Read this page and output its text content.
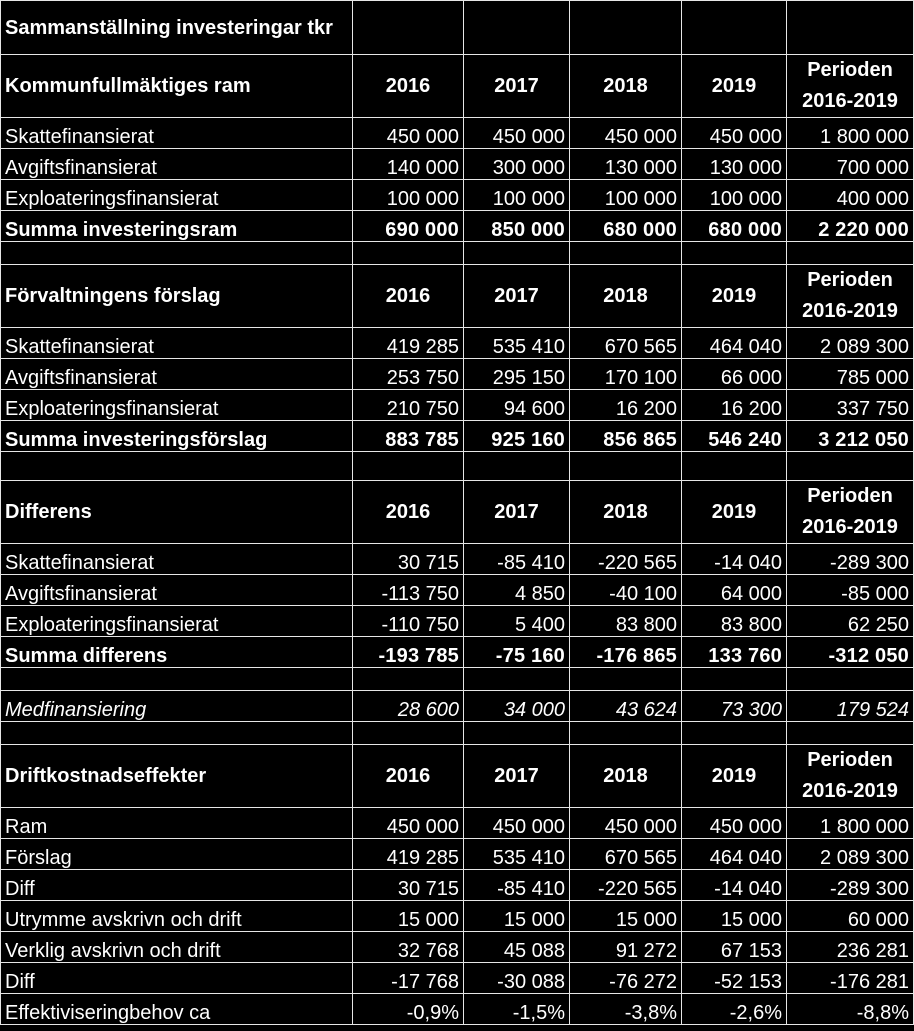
Sammanställning investeringar tkr					
Kommunfullmäktiges ram	2016	2017	2018	2019	Perioden
2016-2019

Skattefinansierat	450 000	450 000	450 000	450 000	1 800 000
Avgiftsfinansierat	140 000	300 000	130 000	130 000	700 000
Exploateringsfinansierat	100 000	100 000	100 000	100 000	400 000
Summa investeringsram	690 000	850 000	680 000	680 000	2 220 000

Förvaltningens förslag	2016	2017	2018	2019	Perioden
2016-2019

Skattefinansierat	419 285	535 410	670 565	464 040	2 089 300
Avgiftsfinansierat	253 750	295 150	170 100	66 000	785 000
Exploateringsfinansierat	210 750	94 600	16 200	16 200	337 750
Summa investeringsförslag	883 785	925 160	856 865	546 240	3 212 050

Differens	2016	2017	2018	2019	Perioden
2016-2019

Skattefinansierat	30 715	-85 410	-220 565	-14 040	-289 300
Avgiftsfinansierat	-113 750	4 850	-40 100	64 000	-85 000
Exploateringsfinansierat	-110 750	5 400	83 800	83 800	62 250
Summa differens	-193 785	-75 160	-176 865	133 760	-312 050

Medfinansiering	28 600	34 000	43 624	73 300	179 524

Driftkostnadseffekter	2016	2017	2018	2019	Perioden
2016-2019

Ram	450 000	450 000	450 000	450 000	1 800 000
Förslag	419 285	535 410	670 565	464 040	2 089 300
Diff	30 715	-85 410	-220 565	-14 040	-289 300
Utrymme avskrivn och drift	15 000	15 000	15 000	15 000	60 000
Verklig avskrivn och drift	32 768	45 088	91 272	67 153	236 281
Diff	-17 768	-30 088	-76 272	-52 153	-176 281
Effektiviseringbehov ca	-0,9%	-1,5%	-3,8%	-2,6%	-8,8%
